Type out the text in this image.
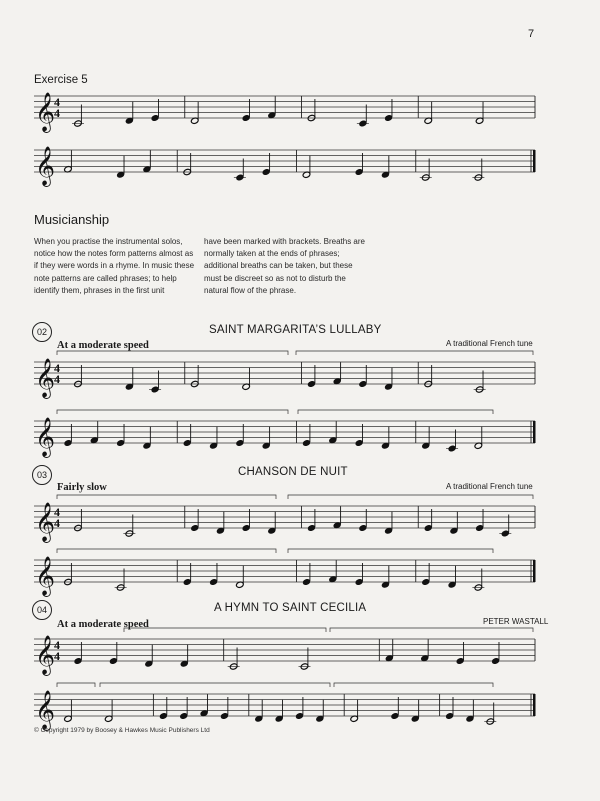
7
Exercise 5
Musicianship
When you practise the instrumental solos, notice how the notes form patterns almost as if they were words in a rhyme. In music these note patterns are called phrases; to help identify them, phrases in the first unit
have been marked with brackets. Breaths are normally taken at the ends of phrases; additional breaths can be taken, but these must be discreet so as not to disturb the natural flow of the phrase.
02	SAINT MARGARITA’S LULLABY
At a moderate speed	A traditional French tune
03	CHANSON DE NUIT
Fairly slow	A traditional French tune
04	A HYMN TO SAINT CECILIA
At a moderate speed	PETER WASTALL
𝄞
4
4
𝄞
𝄞
4
4
𝄞
𝄞
4
4
𝄞
𝄞
4
4
𝄞
© Copyright 1979 by Boosey & Hawkes Music Publishers Ltd
